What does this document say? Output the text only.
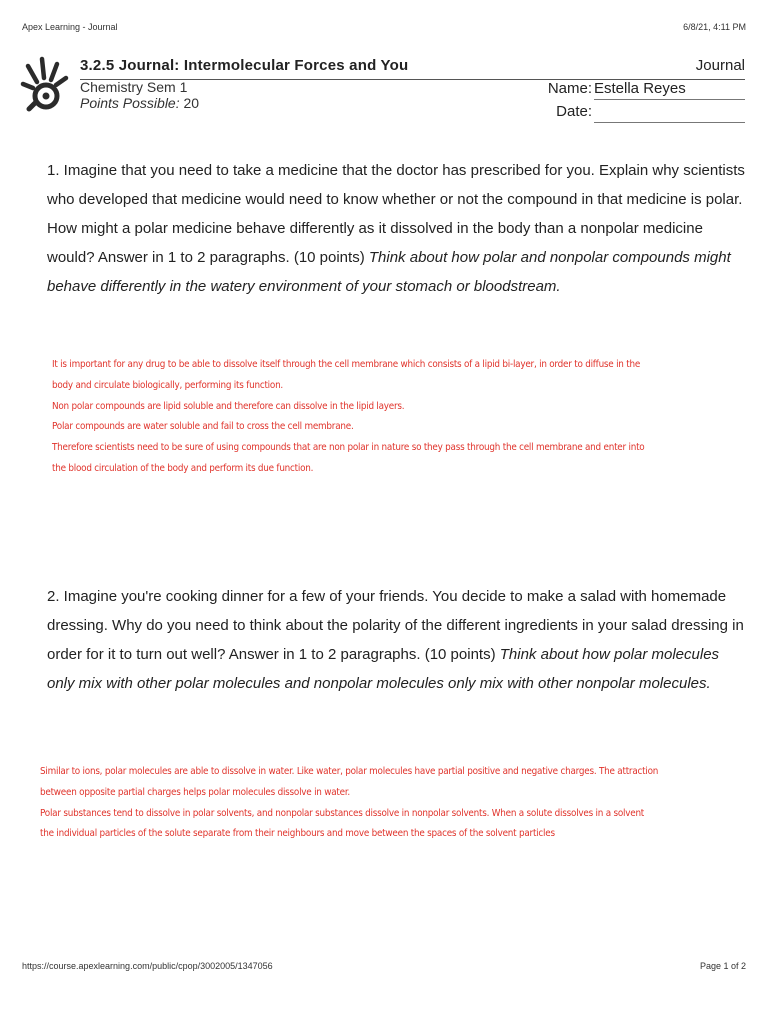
Apex Learning - Journal	6/8/21, 4:11 PM
3.2.5 Journal: Intermolecular Forces and You	Journal
Chemistry Sem 1
Points Possible: 20
Name: Estella Reyes
Date:
1. Imagine that you need to take a medicine that the doctor has prescribed for you. Explain why scientists who developed that medicine would need to know whether or not the compound in that medicine is polar. How might a polar medicine behave differently as it dissolved in the body than a nonpolar medicine would? Answer in 1 to 2 paragraphs. (10 points) Think about how polar and nonpolar compounds might behave differently in the watery environment of your stomach or bloodstream.
It is important for any drug to be able to dissolve itself through the cell membrane which consists of a lipid bi-layer, in order to diffuse in the
body and circulate biologically, performing its function.
Non polar compounds are lipid soluble and therefore can dissolve in the lipid layers.
Polar compounds are water soluble and fail to cross the cell membrane.
Therefore scientists need to be sure of using compounds that are non polar in nature so they pass through the cell membrane and enter into
the blood circulation of the body and perform its due function.
2. Imagine you're cooking dinner for a few of your friends. You decide to make a salad with homemade dressing. Why do you need to think about the polarity of the different ingredients in your salad dressing in order for it to turn out well? Answer in 1 to 2 paragraphs. (10 points) Think about how polar molecules only mix with other polar molecules and nonpolar molecules only mix with other nonpolar molecules.
Similar to ions, polar molecules are able to dissolve in water. Like water, polar molecules have partial positive and negative charges. The attraction
between opposite partial charges helps polar molecules dissolve in water.
Polar substances tend to dissolve in polar solvents, and nonpolar substances dissolve in nonpolar solvents. When a solute dissolves in a solvent
the individual particles of the solute separate from their neighbours and move between the spaces of the solvent particles
https://course.apexlearning.com/public/cpop/3002005/1347056	Page 1 of 2
